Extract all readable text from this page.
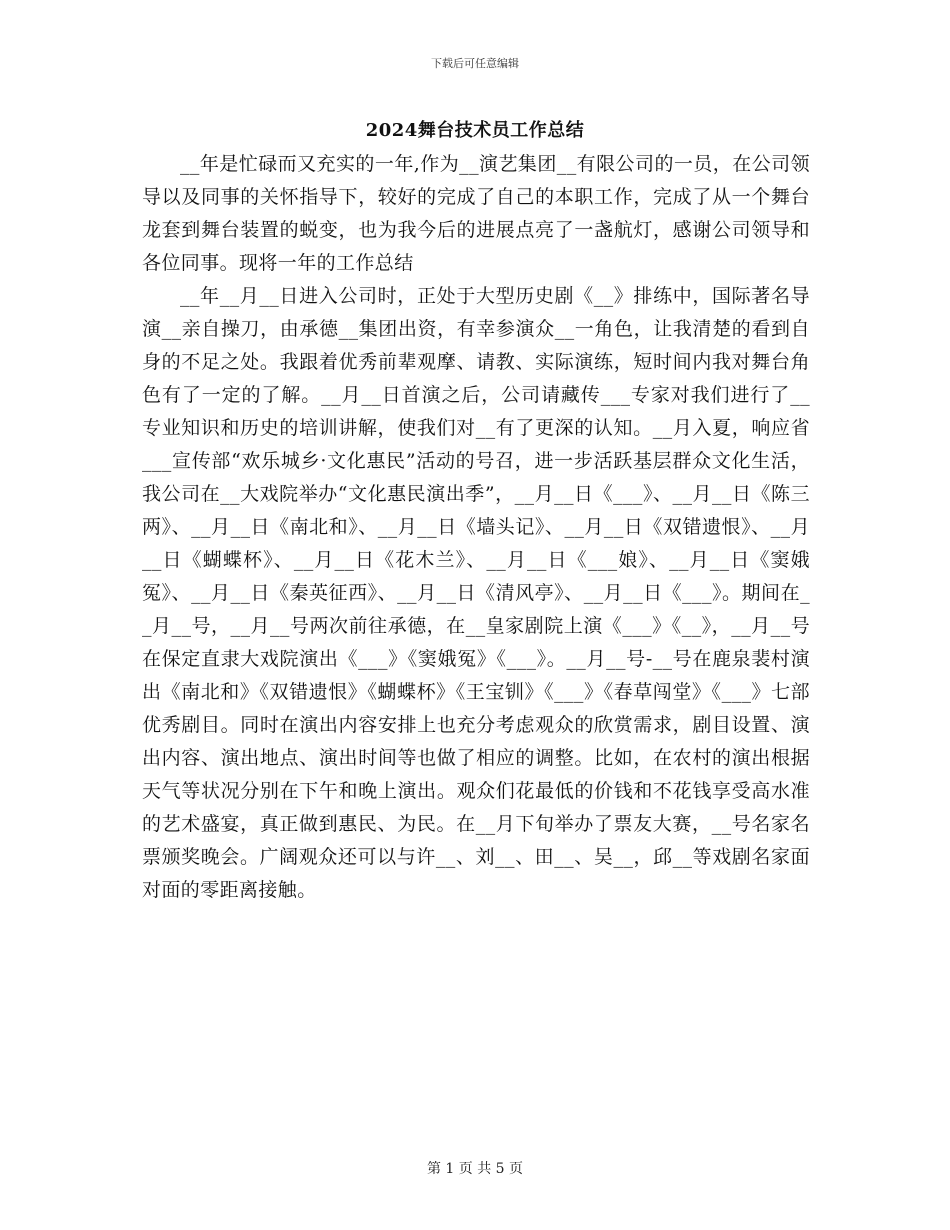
下载后可任意编辑
2024舞台技术员工作总结

__年是忙碌而又充实的一年,作为__演艺集团__有限公司的一员，在公司领导以及同事的关怀指导下，较好的完成了自己的本职工作，完成了从一个舞台龙套到舞台装置的蜕变，也为我今后的进展点亮了一盏航灯，感谢公司领导和各位同事。现将一年的工作总结

__年__月__日进入公司时，正处于大型历史剧《__》排练中，国际著名导演__亲自操刀，由承德__集团出资，有幸参演众__一角色，让我清楚的看到自身的不足之处。我跟着优秀前辈观摩、请教、实际演练，短时间内我对舞台角色有了一定的了解。__月__日首演之后，公司请藏传___专家对我们进行了__专业知识和历史的培训讲解，使我们对__有了更深的认知。__月入夏，响应省___宣传部“欢乐城乡·文化惠民”活动的号召，进一步活跃基层群众文化生活，我公司在__大戏院举办“文化惠民演出季”，__月__日《___》、__月__日《陈三两》、__月__日《南北和》、__月__日《墙头记》、__月__日《双错遗恨》、__月__日《蝴蝶杯》、__月__日《花木兰》、__月__日《___娘》、__月__日《窦娥冤》、__月__日《秦英征西》、__月__日《清风亭》、__月__日《___》。期间在__月__号，__月__号两次前往承德，在__皇家剧院上演《___》《__》，__月__号在保定直隶大戏院演出《___》《窦娥冤》《___》。__月__号-__号在鹿泉裴村演出《南北和》《双错遗恨》《蝴蝶杯》《王宝钏》《___》《春草闯堂》《___》七部优秀剧目。同时在演出内容安排上也充分考虑观众的欣赏需求，剧目设置、演出内容、演出地点、演出时间等也做了相应的调整。比如，在农村的演出根据天气等状况分别在下午和晚上演出。观众们花最低的价钱和不花钱享受高水准的艺术盛宴，真正做到惠民、为民。在__月下旬举办了票友大赛，__号名家名票颁奖晚会。广阔观众还可以与许__、刘__、田__、吴__，邱__等戏剧名家面对面的零距离接触。

第 1 页 共 5 页
